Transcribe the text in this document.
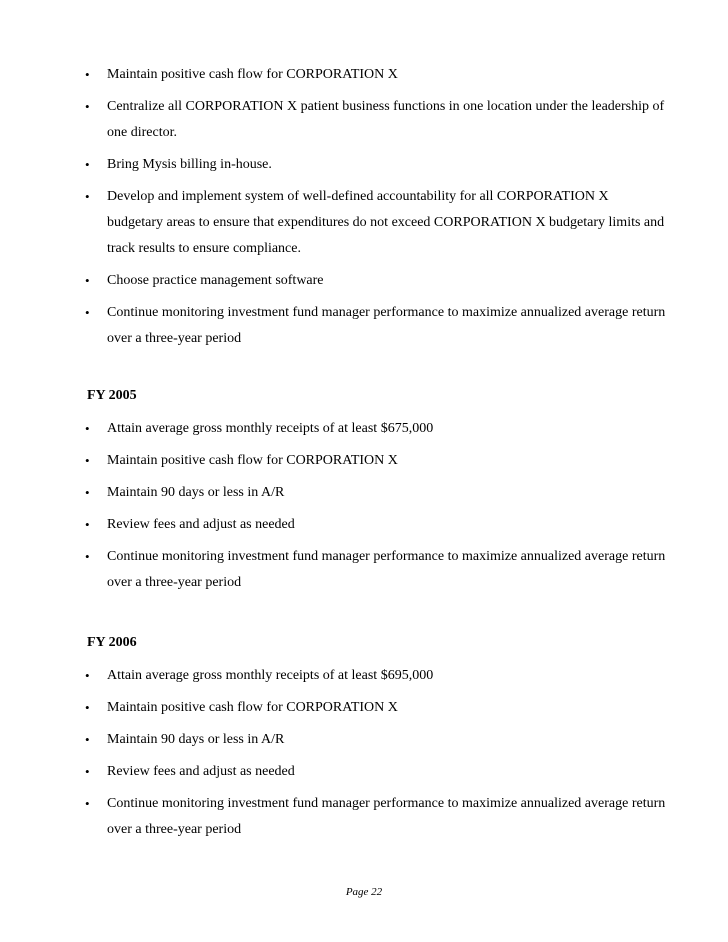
•	Maintain positive cash flow for CORPORATION X
•	Centralize all CORPORATION X patient business functions in one location under the leadership of one director.
•	Bring Mysis billing in-house.
•	Develop and implement system of well-defined accountability for all CORPORATION X budgetary areas to ensure that expenditures do not exceed CORPORATION X budgetary limits and track results to ensure compliance.
•	Choose practice management software
•	Continue monitoring investment fund manager performance to maximize annualized average return over a three-year period
FY 2005
•	Attain average gross monthly receipts of at least $675,000
•	Maintain positive cash flow for CORPORATION X
•	Maintain 90 days or less in A/R
•	Review fees and adjust as needed
•	Continue monitoring investment fund manager performance to maximize annualized average return over a three-year period
FY 2006
•	Attain average gross monthly receipts of at least $695,000
•	Maintain positive cash flow for CORPORATION X
•	Maintain 90 days or less in A/R
•	Review fees and adjust as needed
•	Continue monitoring investment fund manager performance to maximize annualized average return over a three-year period
Page 22
